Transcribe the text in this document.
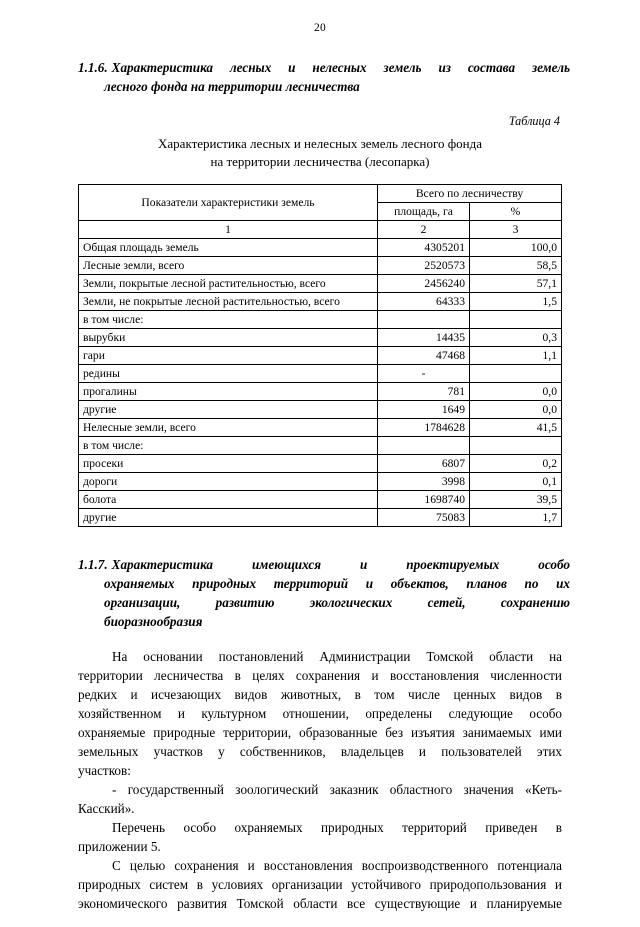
20
1.1.6. Характеристика лесных и нелесных земель из состава земель
лесного фонда на территории лесничества
Таблица 4
Характеристика лесных и нелесных земель лесного фонда
на территории лесничества (лесопарка)
Показатели характеристики земель	Всего по лесничеству	
	площадь, га	%
1	2	3
Общая площадь земель	4305201	100,0
Лесные земли, всего	2520573	58,5
Земли, покрытые лесной растительностью, всего	2456240	57,1
Земли, не покрытые лесной растительностью, всего	64333	1,5
в том числе:		
вырубки	14435	0,3
гари	47468	1,1
редины	-	
прогалины	781	0,0
другие	1649	0,0
Нелесные земли, всего	1784628	41,5
в том числе:		
просеки	6807	0,2
дороги	3998	0,1
болота	1698740	39,5
другие	75083	1,7
1.1.7. Характеристика имеющихся и проектируемых особо
охраняемых природных территорий и объектов, планов по их
организации, развитию экологических сетей, сохранению
биоразнообразия
На основании постановлений Администрации Томской области на
территории лесничества в целях сохранения и восстановления численности
редких и исчезающих видов животных, в том числе ценных видов в
хозяйственном и культурном отношении, определены следующие особо
охраняемые природные территории, образованные без изъятия занимаемых ими
земельных участков у собственников, владельцев и пользователей этих
участков:
- государственный зоологический заказник областного значения «Кеть-
Касский».
Перечень особо охраняемых природных территорий приведен в
приложении 5.
С целью сохранения и восстановления воспроизводственного потенциала
природных систем в условиях организации устойчивого природопользования и
экономического развития Томской области все существующие и планируемые
